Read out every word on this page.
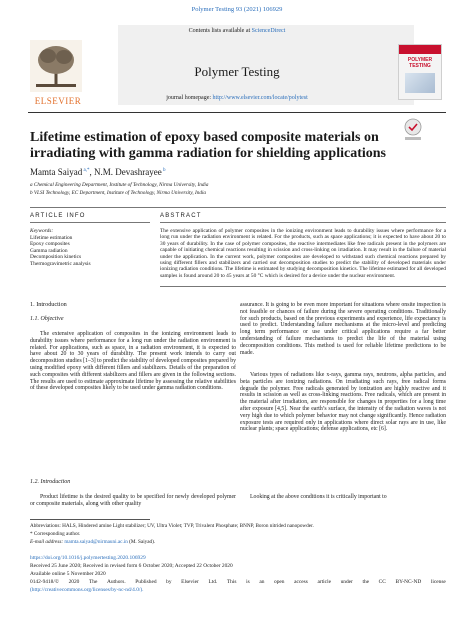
Polymer Testing 93 (2021) 106929
Contents lists available at ScienceDirect
Polymer Testing
journal homepage: http://www.elsevier.com/locate/polytest
ELSEVIER
POLYMER
TESTING
Lifetime estimation of epoxy based composite materials on irradiating with gamma radiation for shielding applications
Mamta Saiyad $^{a,*}$, N.M. Devashrayee $^b$
a Chemical Engineering Department, Institute of Technology, Nirma University, India
b VLSI Technology, EC Department, Institute of Technology, Nirma University, India
ARTICLE INFO	ABSTRACT
Keywords:
Lifetime estimation
Epoxy composites
Gamma radiation
Decomposition kinetics
Thermogravimetric analysis
The extensive application of polymer composites in the ionizing environment leads to durability issues where performance for a long run under the radiation environment is related. For the products, such as space applications; it is expected to have about 20 to 30 years of durability. In the case of polymer composites, the reactive intermediates like free radicals present in the polymers are capable of initiating chemical reactions resulting in scission and cross-linking on irradiation. It may result in the failure of material under the application. In the current work, polymer composites are developed to withstand such chemical reactions prepared by using different fillers and stabilizers and carried out decomposition studies to predict the stability of developed materials under ionizing radiation conditions. The lifetime is estimated by studying decomposition kinetics. The lifetime estimated for all developed samples is found around 20 to 45 years at 50 °C which is desired for a device under the nuclear environment.
1. Introduction
1.1. Objective
The extensive application of composites in the ionizing environment leads to durability issues where performance for a long run under the radiation environment is related. For applications, such as space, in a radiation environment, it is expected to have about 20 to 30 years of durability. The present work intends to carry out decomposition studies [1–3] to predict the stability of developed composites prepared by using modified epoxy with different fillers and stabilizers. Details of the preparation of such composites with different stabilizers and fillers are given in the following sections. The results are used to estimate approximate lifetime by assessing the relative stabilities of these developed composites likely to be used under gamma radiation conditions.
1.2. Introduction
Product lifetime is the desired quality to be specified for newly developed polymer or composite materials, along with other quality
assurance. It is going to be even more important for situations where onsite inspection is not feasible or chances of failure during the severe operating conditions. Traditionally for such products, based on the previous experiments and experience, life expectancy is used to predict. Understanding failure mechanisms at the micro-level and predicting long term performance or use under critical applications require a far better understanding of failure mechanisms to predict the life of the material using decomposition conditions. This method is used for reliable lifetime predictions to be made.
Various types of radiations like x-rays, gamma rays, neutrons, alpha particles, and beta particles are ionizing radiations. On irradiating such rays, free radical forms degrade the polymer. Free radicals generated by ionization are highly reactive and it results in scission as well as cross-linking reactions. Free radicals, which are present in the material after irradiation, are responsible for changes in properties for a long time after exposure [4,5]. Near the earth’s surface, the intensity of the radiation waves is not very high due to which polymer behavior may not change significantly. Hence radiation exposure tests are required only in applications where direct solar rays are in use, like nuclear plants; space applications; defense applications, etc [6].
Looking at the above conditions it is critically important to
Abbreviations: HALS, Hindered amine Light stabilizer; UV, Ultra Violet; TVP, Trivalent Phosphate; BNNP, Boron nitrided nanopowder.
* Corresponding author.
E-mail address: mamta.saiyad@nirmauni.ac.in (M. Saiyad).
https://doi.org/10.1016/j.polymertesting.2020.106929
Received 25 June 2020; Received in revised form 6 October 2020; Accepted 22 October 2020
Available online 5 November 2020
0142-9418/© 2020 The Authors. Published by Elsevier Ltd. This is an open access article under the CC BY-NC-ND license
(http://creativecommons.org/licenses/by-nc-nd/4.0/).
